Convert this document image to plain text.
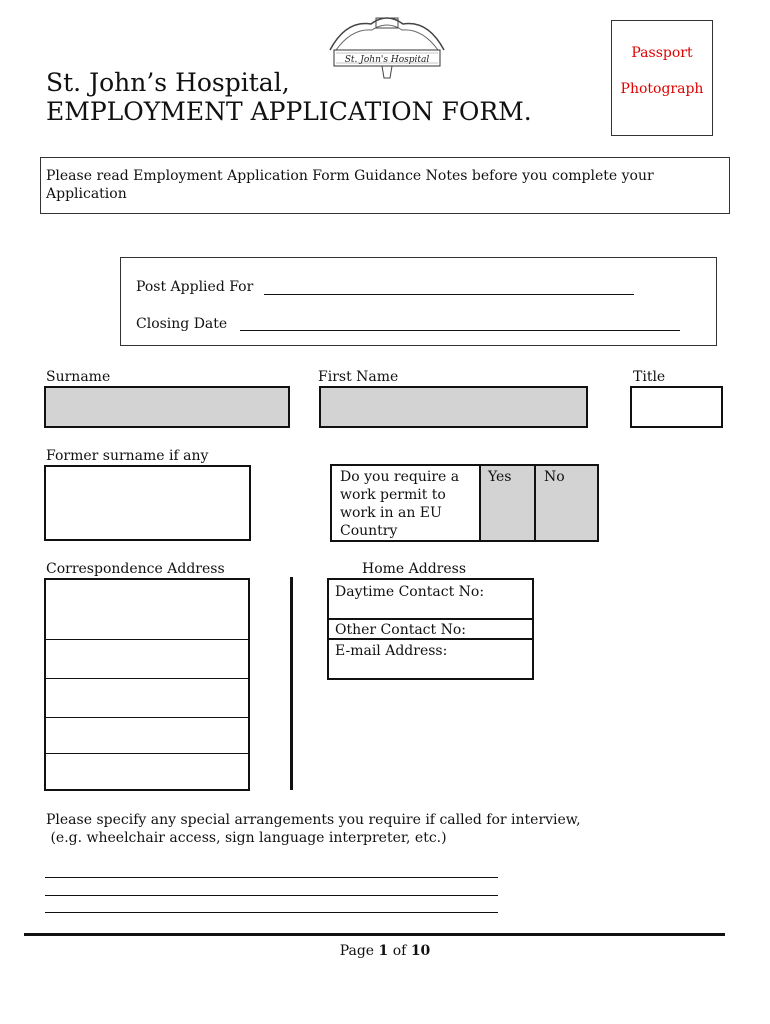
St. John's Hospital
St. John’s Hospital,
EMPLOYMENT APPLICATION FORM.
Passport
Photograph
Please read Employment Application Form Guidance Notes before you complete your Application
Post Applied For
Closing Date
Surname	First Name	Title
Former surname if any
Do you require a work permit to work in an EU Country
Yes No
Correspondence Address	Home Address
Daytime Contact No:
Other Contact No:
E-mail Address:
Please specify any special arrangements you require if called for interview,
(e.g. wheelchair access, sign language interpreter, etc.)
Page 1 of 10
